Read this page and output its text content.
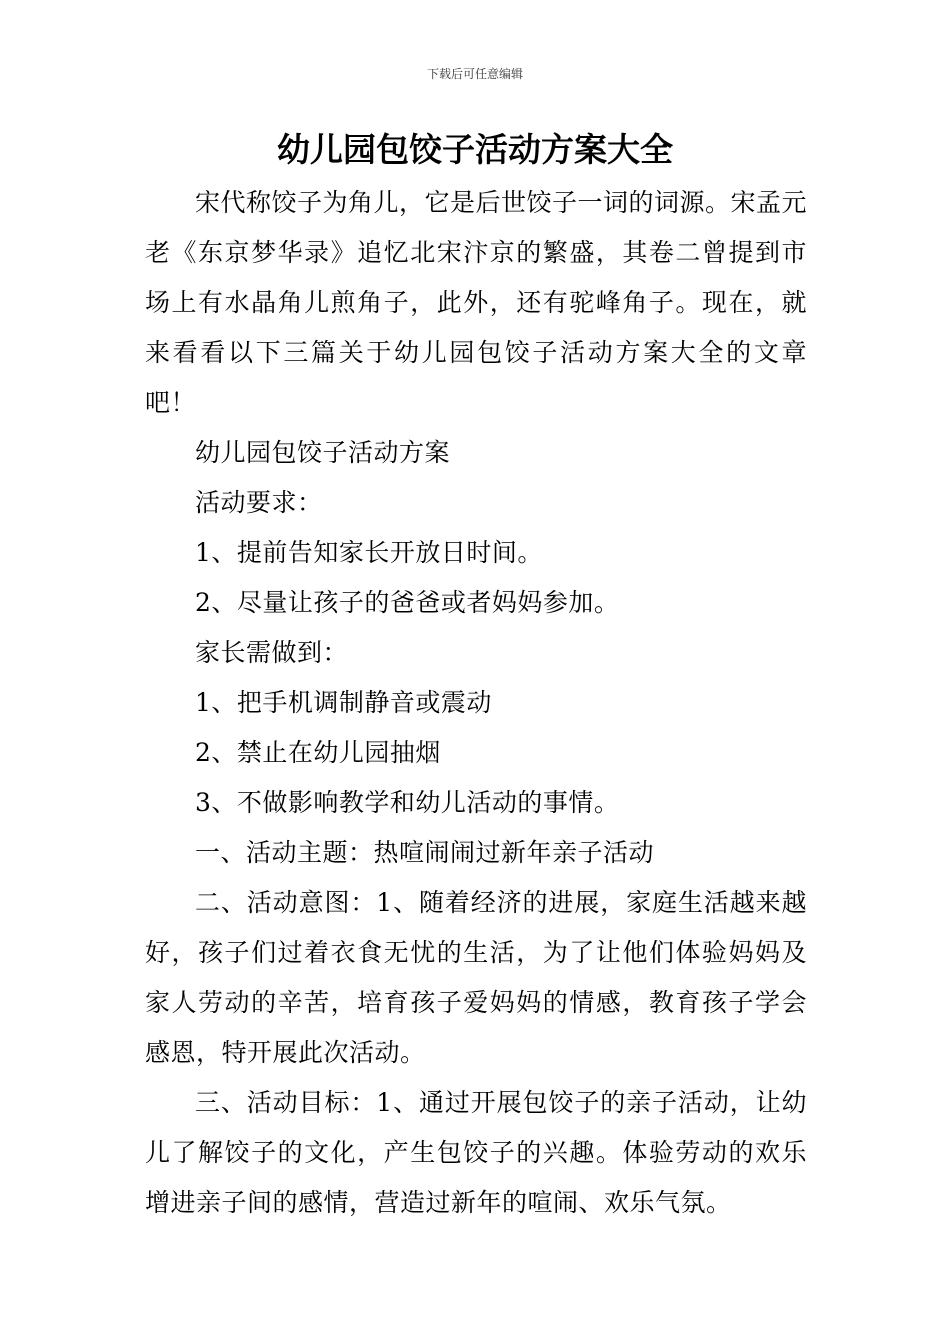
下载后可任意编辑
幼儿园包饺子活动方案大全

宋代称饺子为角儿，它是后世饺子一词的词源。宋孟元老《东京梦华录》追忆北宋汴京的繁盛，其卷二曾提到市场上有水晶角儿煎角子，此外，还有驼峰角子。现在，就来看看以下三篇关于幼儿园包饺子活动方案大全的文章吧！

幼儿园包饺子活动方案

活动要求：

1、提前告知家长开放日时间。

2、尽量让孩子的爸爸或者妈妈参加。

家长需做到：

1、把手机调制静音或震动

2、禁止在幼儿园抽烟

3、不做影响教学和幼儿活动的事情。

一、活动主题：热喧闹闹过新年亲子活动

二、活动意图：1、随着经济的进展，家庭生活越来越好，孩子们过着衣食无忧的生活，为了让他们体验妈妈及家人劳动的辛苦，培育孩子爱妈妈的情感，教育孩子学会感恩，特开展此次活动。

三、活动目标：1、通过开展包饺子的亲子活动，让幼儿了解饺子的文化，产生包饺子的兴趣。体验劳动的欢乐增进亲子间的感情，营造过新年的喧闹、欢乐气氛。
